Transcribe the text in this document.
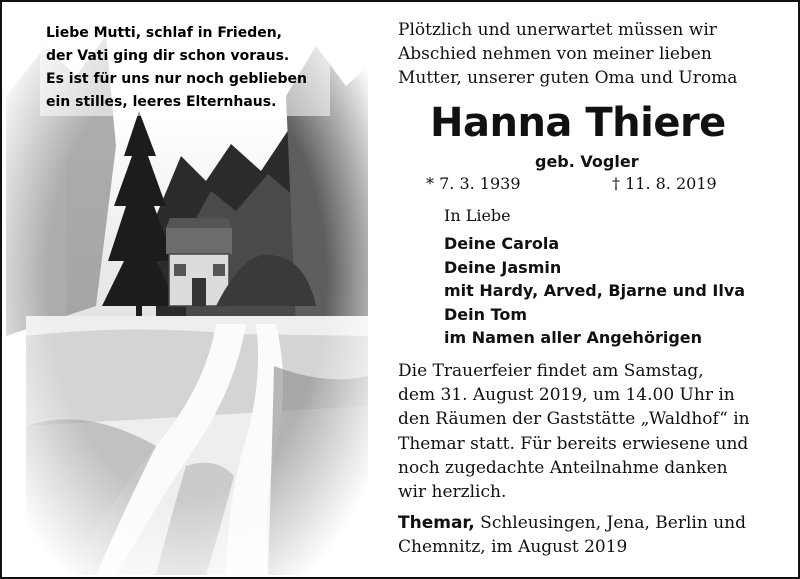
Liebe Mutti, schlaf in Frieden,
der Vati ging dir schon voraus.
Es ist für uns nur noch geblieben
ein stilles, leeres Elternhaus.
Plötzlich und unerwartet müssen wir
Abschied nehmen von meiner lieben
Mutter, unserer guten Oma und Uroma
Hanna Thiere
geb. Vogler
* 7. 3. 1939	† 11. 8. 2019
In Liebe
Deine Carola
Deine Jasmin
mit Hardy, Arved, Bjarne und Ilva
Dein Tom
im Namen aller Angehörigen
Die Trauerfeier findet am Samstag,
dem 31. August 2019, um 14.00 Uhr in
den Räumen der Gaststätte „Waldhof“ in
Themar statt. Für bereits erwiesene und
noch zugedachte Anteilnahme danken
wir herzlich.
Themar, Schleusingen, Jena, Berlin und
Chemnitz, im August 2019
